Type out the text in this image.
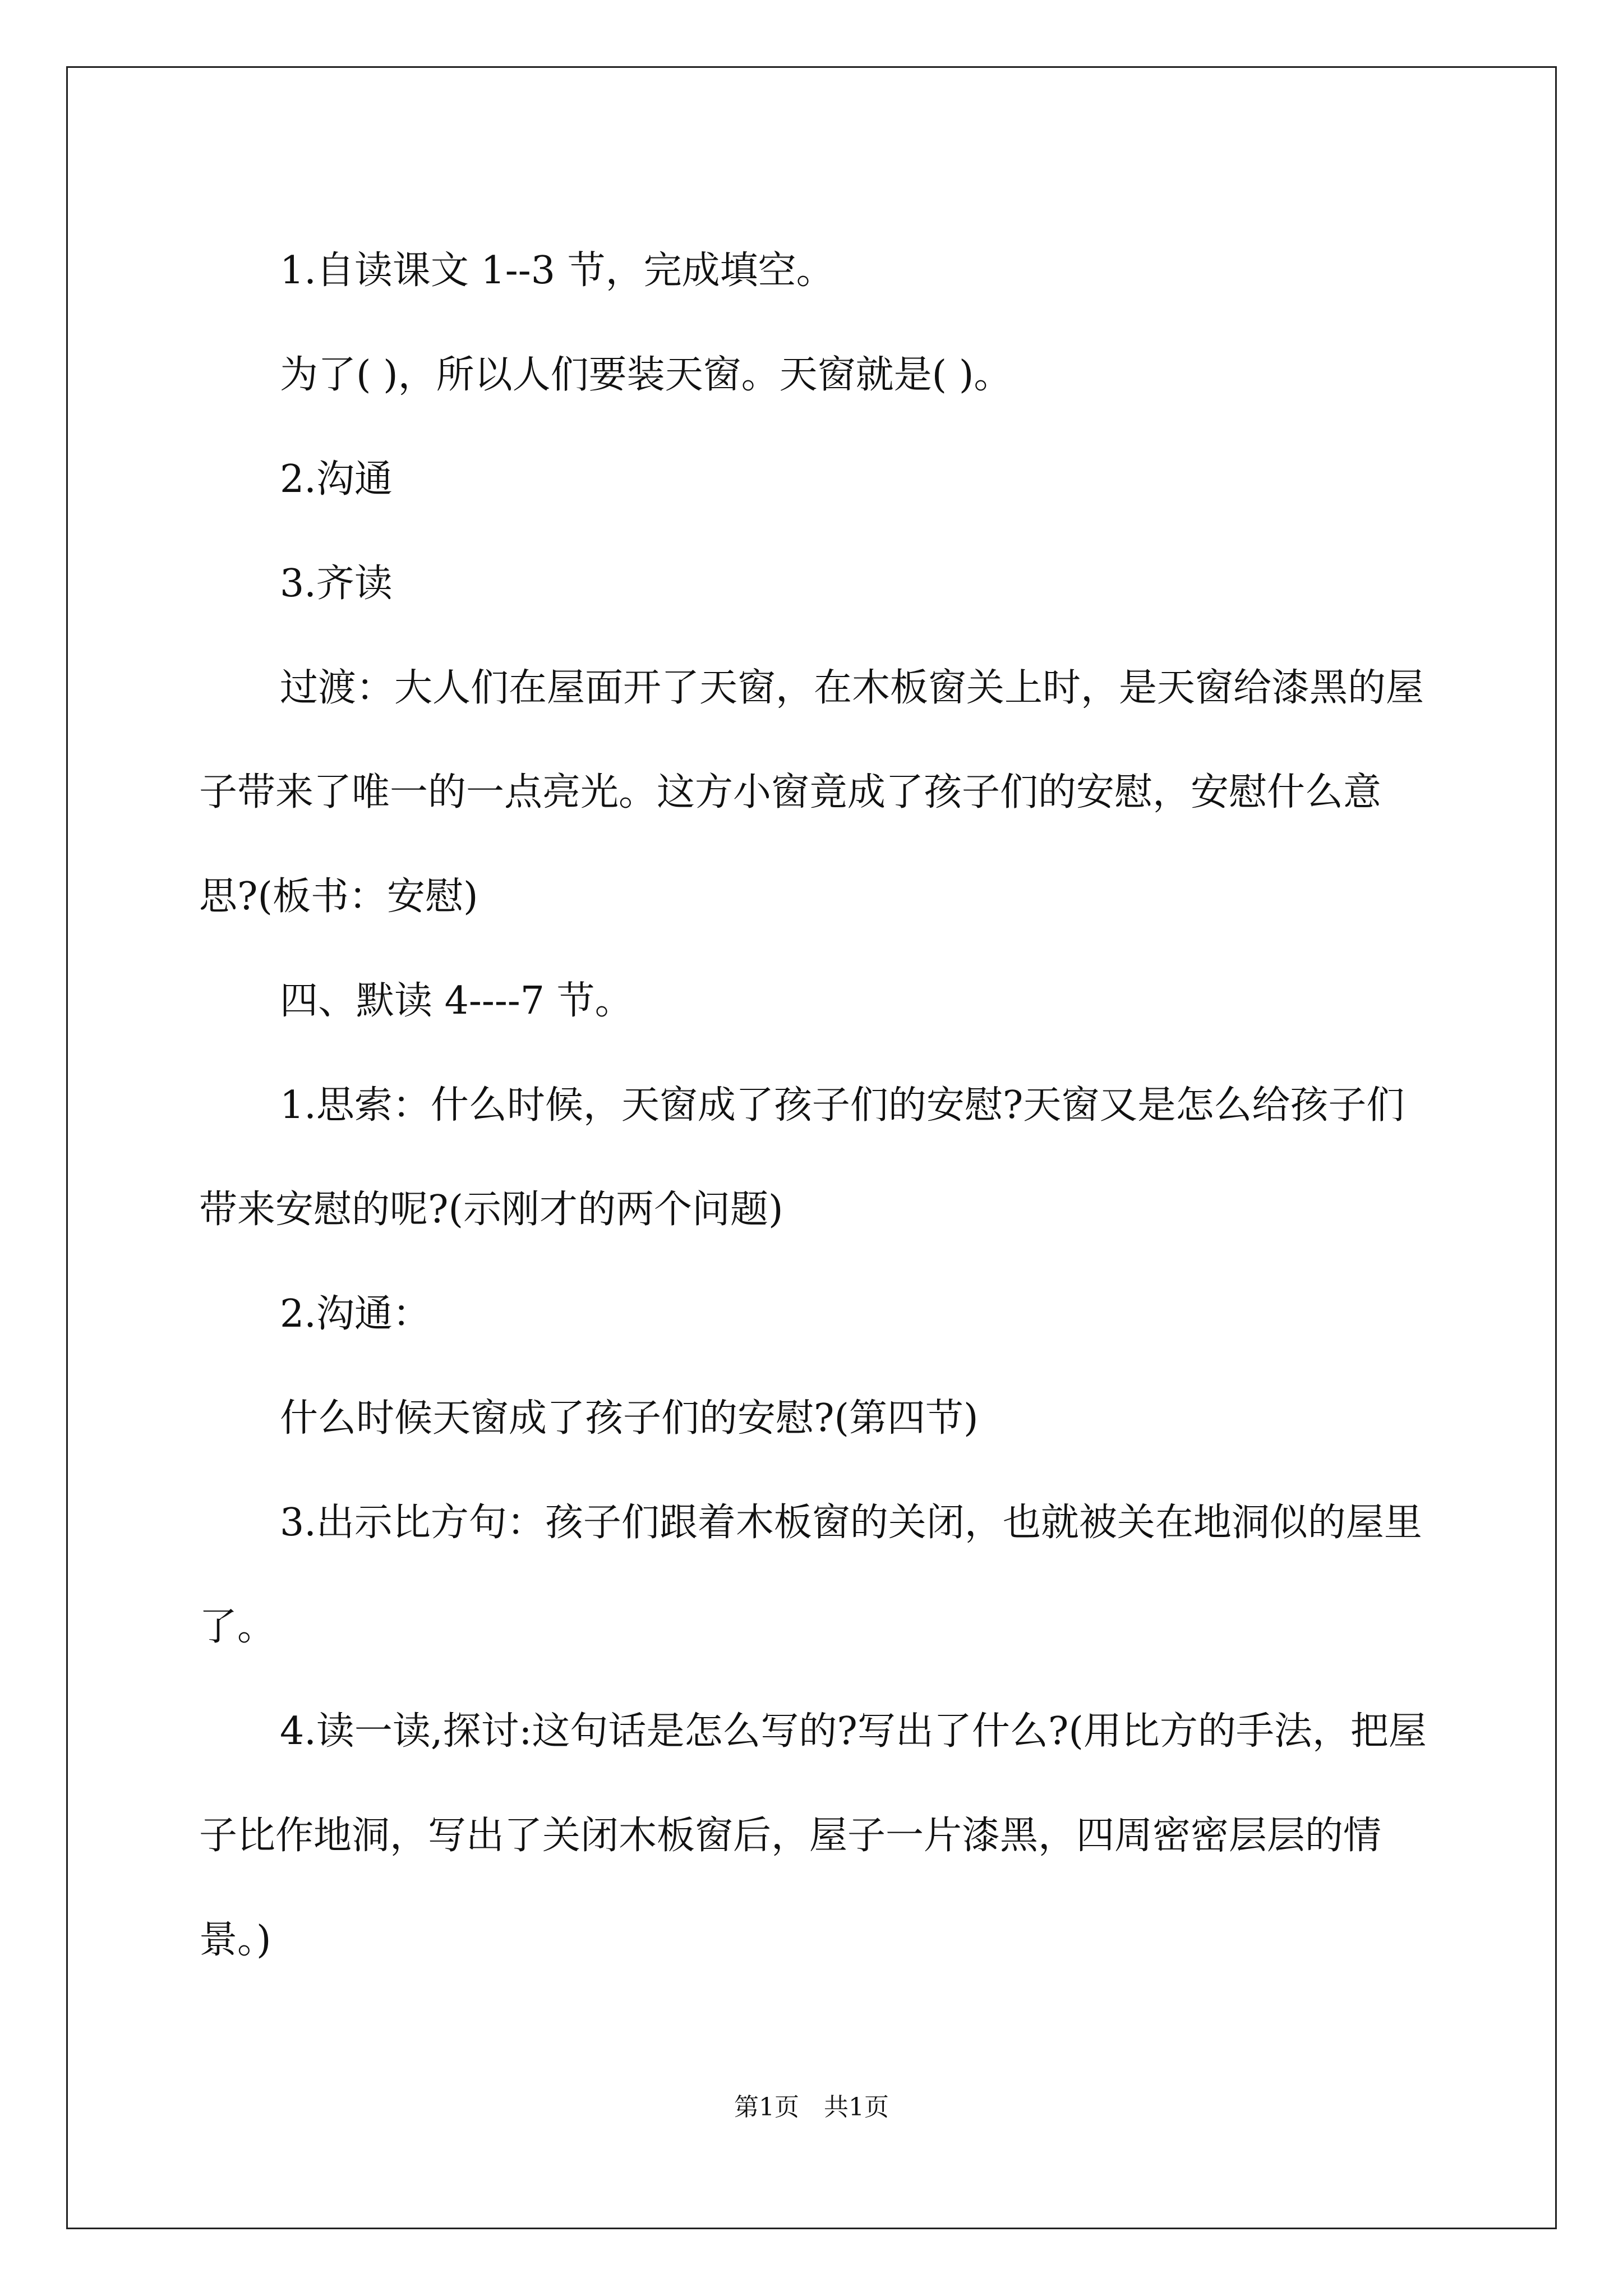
1.自读课文 1--3 节，完成填空。

为了( )，所以人们要装天窗。天窗就是( )。

2.沟通

3.齐读

过渡：大人们在屋面开了天窗，在木板窗关上时，是天窗给漆黑的屋子带来了唯一的一点亮光。这方小窗竟成了孩子们的安慰，安慰什么意思?(板书：安慰)

四、默读 4----7 节。

1.思索：什么时候，天窗成了孩子们的安慰?天窗又是怎么给孩子们带来安慰的呢?(示刚才的两个问题)

2.沟通：

什么时候天窗成了孩子们的安慰?(第四节)

3.出示比方句：孩子们跟着木板窗的关闭，也就被关在地洞似的屋里了。

4.读一读,探讨:这句话是怎么写的?写出了什么?(用比方的手法，把屋子比作地洞，写出了关闭木板窗后，屋子一片漆黑，四周密密层层的情景。)

第1页　共1页
